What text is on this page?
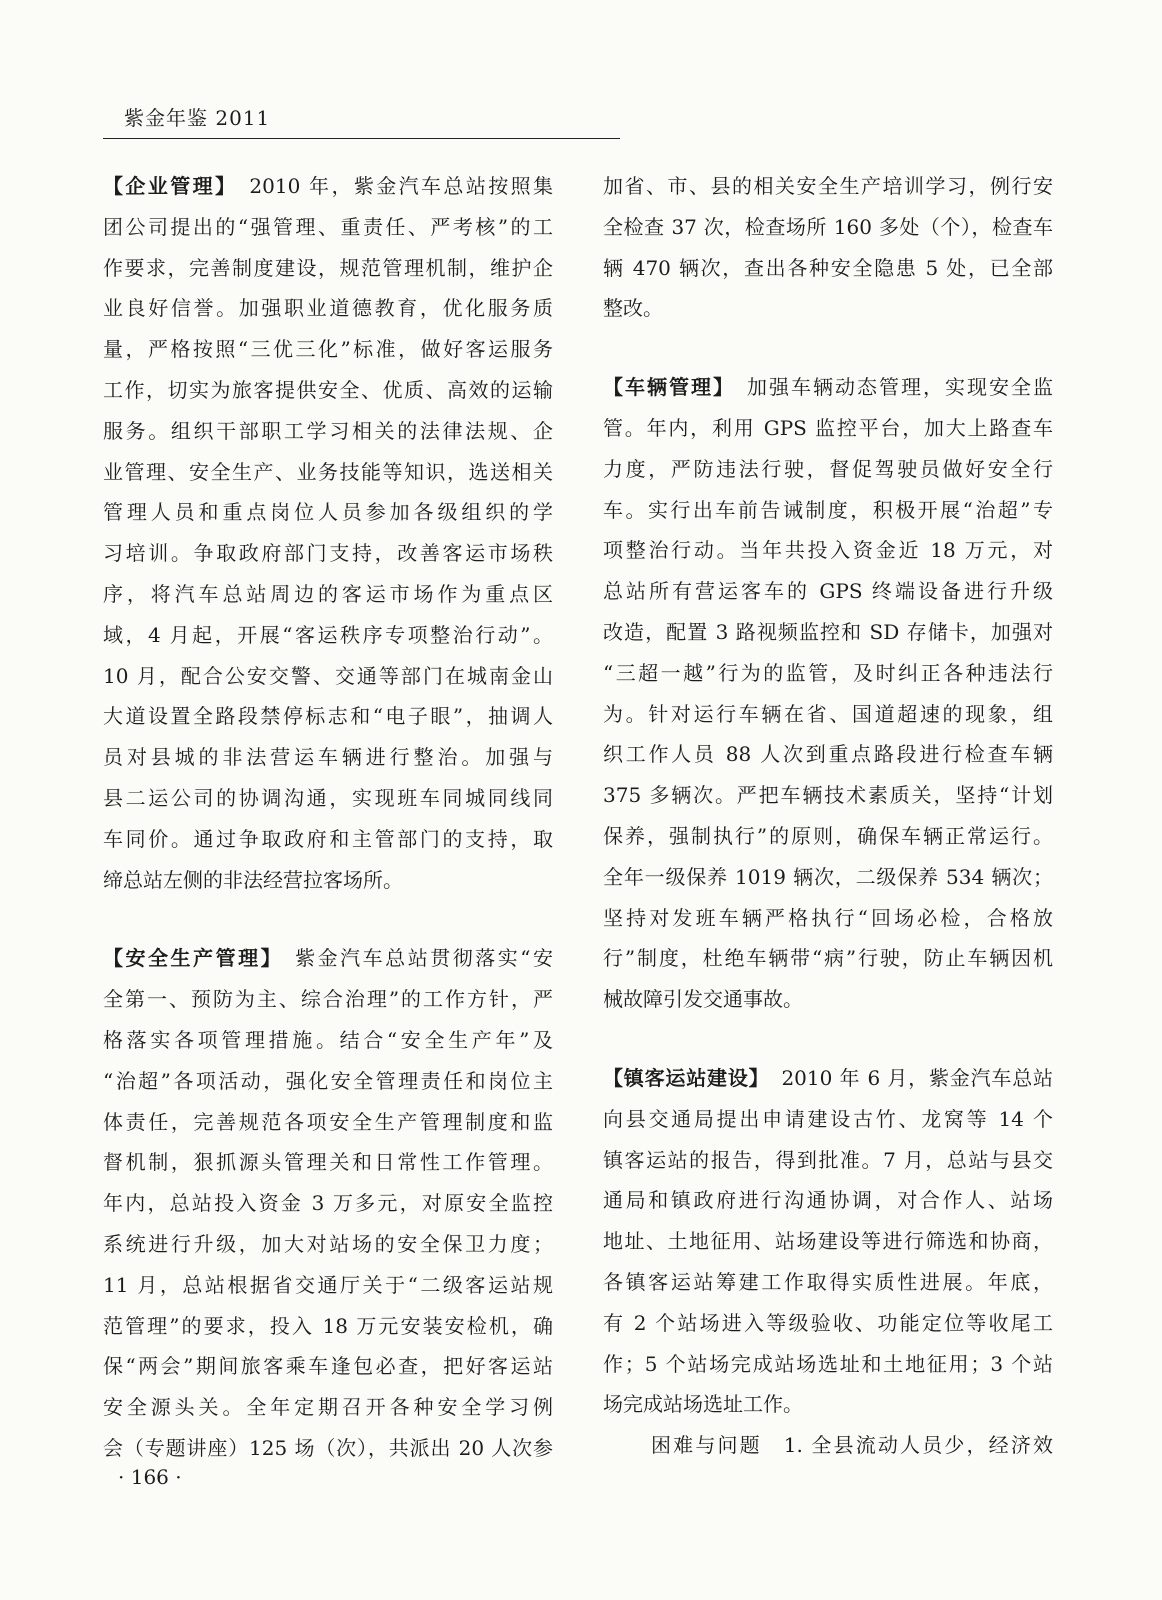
紫金年鉴 2011
【企业管理】 2010 年，紫金汽车总站按照集
团公司提出的“强管理、重责任、严考核”的工
作要求，完善制度建设，规范管理机制，维护企
业良好信誉。加强职业道德教育，优化服务质
量，严格按照“三优三化”标准，做好客运服务
工作，切实为旅客提供安全、优质、高效的运输
服务。组织干部职工学习相关的法律法规、企
业管理、安全生产、业务技能等知识，选送相关
管理人员和重点岗位人员参加各级组织的学
习培训。争取政府部门支持，改善客运市场秩
序，将汽车总站周边的客运市场作为重点区
域，4 月起，开展“客运秩序专项整治行动”。
10 月，配合公安交警、交通等部门在城南金山
大道设置全路段禁停标志和“电子眼”，抽调人
员对县城的非法营运车辆进行整治。加强与
县二运公司的协调沟通，实现班车同城同线同
车同价。通过争取政府和主管部门的支持，取
缔总站左侧的非法经营拉客场所。
【安全生产管理】 紫金汽车总站贯彻落实“安
全第一、预防为主、综合治理”的工作方针，严
格落实各项管理措施。结合“安全生产年”及
“治超”各项活动，强化安全管理责任和岗位主
体责任，完善规范各项安全生产管理制度和监
督机制，狠抓源头管理关和日常性工作管理。
年内，总站投入资金 3 万多元，对原安全监控
系统进行升级，加大对站场的安全保卫力度；
11 月，总站根据省交通厅关于“二级客运站规
范管理”的要求，投入 18 万元安装安检机，确
保“两会”期间旅客乘车逢包必查，把好客运站
安全源头关。全年定期召开各种安全学习例
会（专题讲座）125 场（次），共派出 20 人次参
加省、市、县的相关安全生产培训学习，例行安
全检查 37 次，检查场所 160 多处（个），检查车
辆 470 辆次，查出各种安全隐患 5 处，已全部
整改。
【车辆管理】 加强车辆动态管理，实现安全监
管。年内，利用 GPS 监控平台，加大上路查车
力度，严防违法行驶，督促驾驶员做好安全行
车。实行出车前告诫制度，积极开展“治超”专
项整治行动。当年共投入资金近 18 万元，对
总站所有营运客车的 GPS 终端设备进行升级
改造，配置 3 路视频监控和 SD 存储卡，加强对
“三超一越”行为的监管，及时纠正各种违法行
为。针对运行车辆在省、国道超速的现象，组
织工作人员 88 人次到重点路段进行检查车辆
375 多辆次。严把车辆技术素质关，坚持“计划
保养，强制执行”的原则，确保车辆正常运行。
全年一级保养 1019 辆次，二级保养 534 辆次；
坚持对发班车辆严格执行“回场必检，合格放
行”制度，杜绝车辆带“病”行驶，防止车辆因机
械故障引发交通事故。
【镇客运站建设】 2010 年 6 月，紫金汽车总站
向县交通局提出申请建设古竹、龙窝等 14 个
镇客运站的报告，得到批准。7 月，总站与县交
通局和镇政府进行沟通协调，对合作人、站场
地址、土地征用、站场建设等进行筛选和协商，
各镇客运站筹建工作取得实质性进展。年底，
有 2 个站场进入等级验收、功能定位等收尾工
作；5 个站场完成站场选址和土地征用；3 个站
场完成站场选址工作。
困难与问题 1. 全县流动人员少，经济效
· 166 ·
